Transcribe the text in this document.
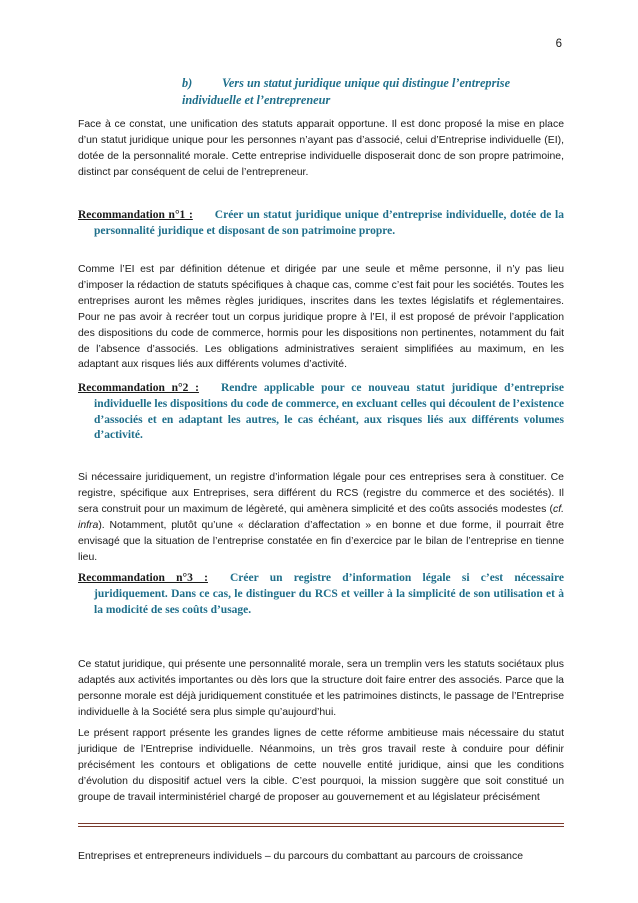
6
b) Vers un statut juridique unique qui distingue l’entreprise individuelle et l’entrepreneur

Face à ce constat, une unification des statuts apparait opportune. Il est donc proposé la mise en place d’un statut juridique unique pour les personnes n’ayant pas d’associé, celui d’Entreprise individuelle (EI), dotée de la personnalité morale. Cette entreprise individuelle disposerait donc de son propre patrimoine, distinct par conséquent de celui de l’entrepreneur.

Recommandation n°1 : Créer un statut juridique unique d’entreprise individuelle, dotée de la personnalité juridique et disposant de son patrimoine propre.

Comme l’EI est par définition détenue et dirigée par une seule et même personne, il n’y pas lieu d’imposer la rédaction de statuts spécifiques à chaque cas, comme c’est fait pour les sociétés. Toutes les entreprises auront les mêmes règles juridiques, inscrites dans les textes législatifs et réglementaires. Pour ne pas avoir à recréer tout un corpus juridique propre à l’EI, il est proposé de prévoir l’application des dispositions du code de commerce, hormis pour les dispositions non pertinentes, notamment du fait de l’absence d’associés. Les obligations administratives seraient simplifiées au maximum, en les adaptant aux risques liés aux différents volumes d’activité.

Recommandation n°2 : Rendre applicable pour ce nouveau statut juridique d’entreprise individuelle les dispositions du code de commerce, en excluant celles qui découlent de l’existence d’associés et en adaptant les autres, le cas échéant, aux risques liés aux différents volumes d’activité.

Si nécessaire juridiquement, un registre d’information légale pour ces entreprises sera à constituer. Ce registre, spécifique aux Entreprises, sera différent du RCS (registre du commerce et des sociétés). Il sera construit pour un maximum de légèreté, qui amènera simplicité et des coûts associés modestes (cf. infra). Notamment, plutôt qu’une « déclaration d’affectation » en bonne et due forme, il pourrait être envisagé que la situation de l’entreprise constatée en fin d’exercice par le bilan de l’entreprise en tienne lieu.

Recommandation n°3 : Créer un registre d’information légale si c’est nécessaire juridiquement. Dans ce cas, le distinguer du RCS et veiller à la simplicité de son utilisation et à la modicité de ses coûts d’usage.

Ce statut juridique, qui présente une personnalité morale, sera un tremplin vers les statuts sociétaux plus adaptés aux activités importantes ou dès lors que la structure doit faire entrer des associés. Parce que la personne morale est déjà juridiquement constituée et les patrimoines distincts, le passage de l’Entreprise individuelle à la Société sera plus simple qu’aujourd’hui.

Le présent rapport présente les grandes lignes de cette réforme ambitieuse mais nécessaire du statut juridique de l’Entreprise individuelle. Néanmoins, un très gros travail reste à conduire pour définir précisément les contours et obligations de cette nouvelle entité juridique, ainsi que les conditions d’évolution du dispositif actuel vers la cible. C’est pourquoi, la mission suggère que soit constitué un groupe de travail interministériel chargé de proposer au gouvernement et au législateur précisément

Entreprises et entrepreneurs individuels – du parcours du combattant au parcours de croissance
